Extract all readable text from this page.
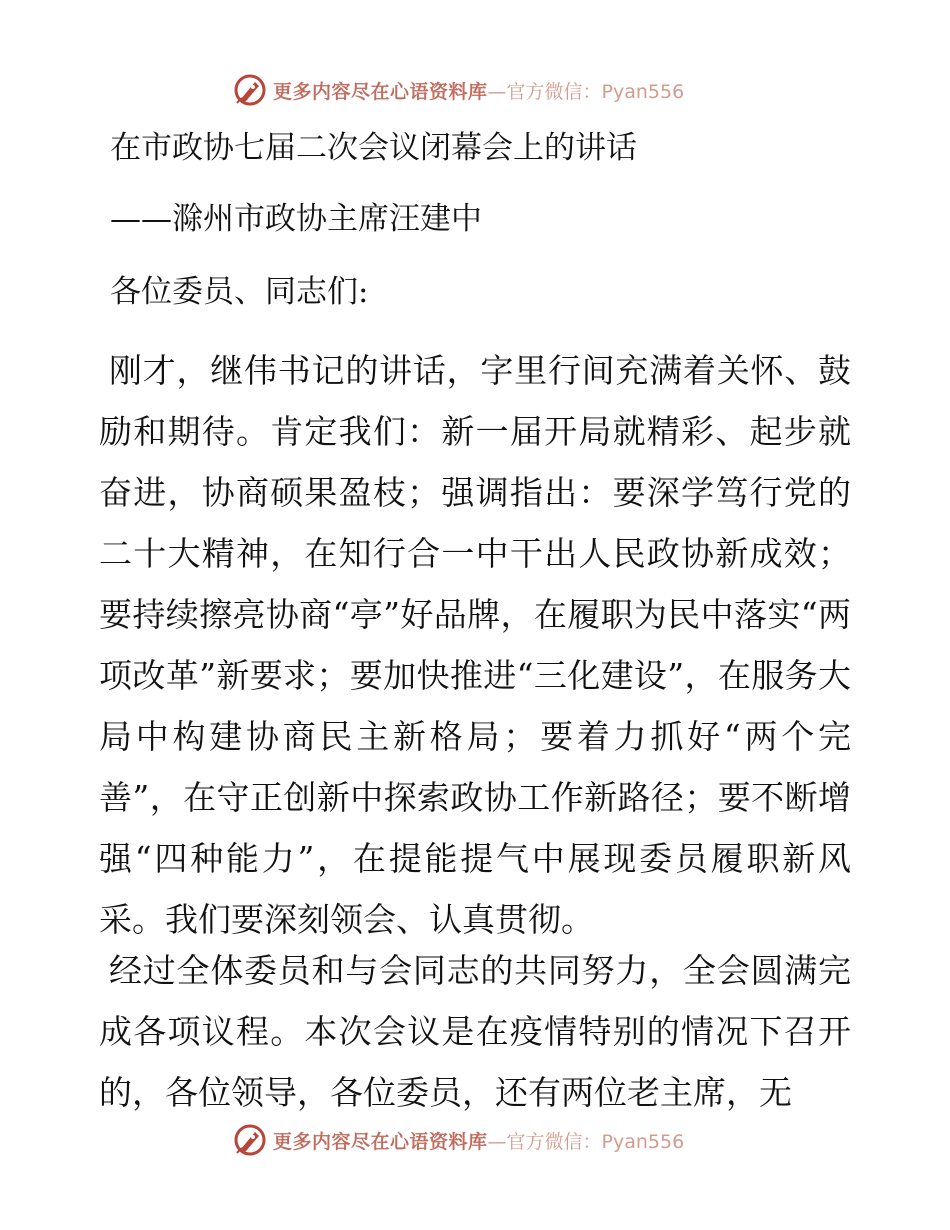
更多内容尽在心语资料库 —官方微信：Pyan556
在市政协七届二次会议闭幕会上的讲话
——滁州市政协主席汪建中
各位委员、同志们:
刚才，继伟书记的讲话，字里行间充满着关怀、鼓励和期待。肯定我们：新一届开局就精彩、起步就奋进，协商硕果盈枝；强调指出：要深学笃行党的二十大精神，在知行合一中干出人民政协新成效；要持续擦亮协商“亭”好品牌，在履职为民中落实“两项改革”新要求；要加快推进“三化建设”，在服务大局中构建协商民主新格局；要着力抓好“两个完善”，在守正创新中探索政协工作新路径；要不断增强“四种能力”，在提能提气中展现委员履职新风采。我们要深刻领会、认真贯彻。
经过全体委员和与会同志的共同努力，全会圆满完成各项议程。本次会议是在疫情特别的情况下召开的，各位领导，各位委员，还有两位老主席，无
更多内容尽在心语资料库 —官方微信：Pyan556
